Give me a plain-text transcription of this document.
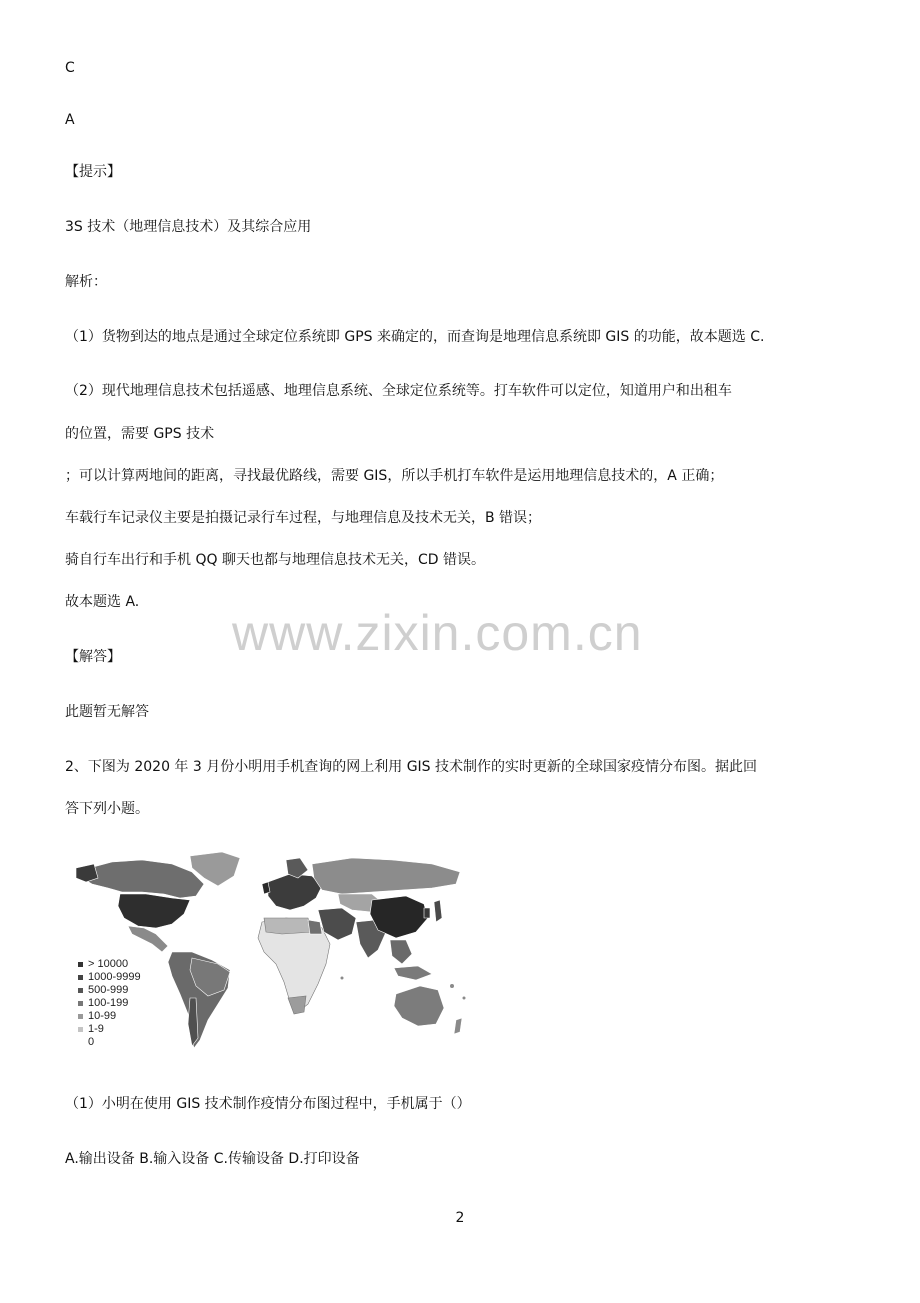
C
A
【提示】
3S 技术（地理信息技术）及其综合应用
解析：
（1）货物到达的地点是通过全球定位系统即 GPS 来确定的，而查询是地理信息系统即 GIS 的功能，故本题选 C.
（2）现代地理信息技术包括遥感、地理信息系统、全球定位系统等。打车软件可以定位，知道用户和出租车
的位置，需要 GPS 技术
；可以计算两地间的距离，寻找最优路线，需要 GIS，所以手机打车软件是运用地理信息技术的，A 正确；
车载行车记录仪主要是拍摄记录行车过程，与地理信息及技术无关，B 错误；
骑自行车出行和手机 QQ 聊天也都与地理信息技术无关，CD 错误。
故本题选 A.
www.zixin.com.cn
【解答】
此题暂无解答
2、下图为 2020 年 3 月份小明用手机查询的网上利用 GIS 技术制作的实时更新的全球国家疫情分布图。据此回
答下列小题。
> 10000
1000-9999
500-999
100-199
10-99
1-9
0
（1）小明在使用 GIS 技术制作疫情分布图过程中，手机属于（）
A.输出设备 B.输入设备 C.传输设备 D.打印设备
2
